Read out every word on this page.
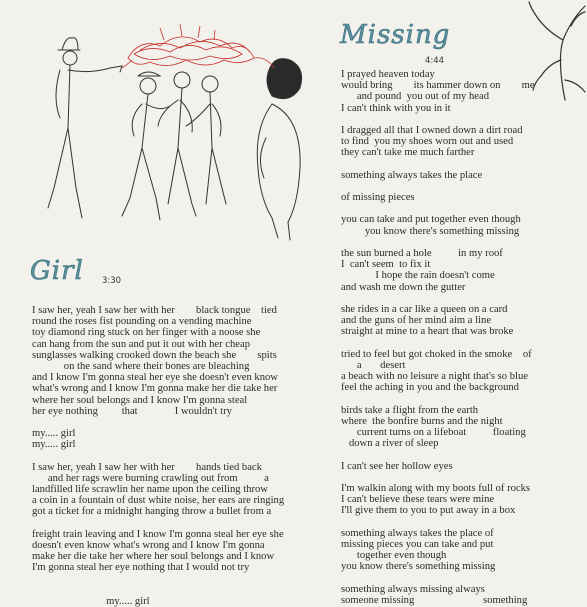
Missing
4:44
I prayed heaven today
would bring        its hammer down on        me
and pound  you out of my head
I can't think with you in it
I dragged all that I owned down a dirt road
to find  you my shoes worn out and used
they can't take me much farther
something always takes the place
of missing pieces
you can take and put together even though
you know there's something missing
the sun burned a hole          in my roof
I  can't seem  to fix it
I hope the rain doesn't come
and wash me down the gutter
she rides in a car like a queen on a card
and the guns of her mind aim a line
straight at mine to a heart that was broke
tried to feel but got choked in the smoke    of
a       desert
a beach with no leisure a night that's so blue
feel the aching in you and the background
birds take a flight from the earth
where  the bonfire burns and the night
current turns on a lifeboat          floating
down a river of sleep
I can't see her hollow eyes
I'm walkin along with my boots full of rocks
I can't believe these tears were mine
I'll give them to you to put away in a box
something always takes the place of
missing pieces you can take and put
together even though
you know there's something missing
something always missing always
someone missing                          something
Girl 3:30
I saw her, yeah I saw her with her        black tongue    tied
round the roses fist pounding on a vending machine
toy diamond ring stuck on her finger with a noose she
can hang from the sun and put it out with her cheap
sunglasses walking crooked down the beach she        spits
on the sand where their bones are bleaching
and I know I'm gonna steal her eye she doesn't even know
what's wrong and I know I'm gonna make her die take her
where her soul belongs and I know I'm gonna steal
her eye nothing         that              I wouldn't try
my..... girl
my..... girl
I saw her, yeah I saw her with her        hands tied back
and her rags were burning crawling out from          a
landfilled life scrawlin her name upon the ceiling throw
a coin in a fountain of dust white noise, her ears are ringing
got a ticket for a midnight hanging throw a bullet from a
freight train leaving and I know I'm gonna steal her eye she
doesn't even know what's wrong and I know I'm gonna
make her die take her where her soul belongs and I know
I'm gonna steal her eye nothing that I would not try
my..... girl
